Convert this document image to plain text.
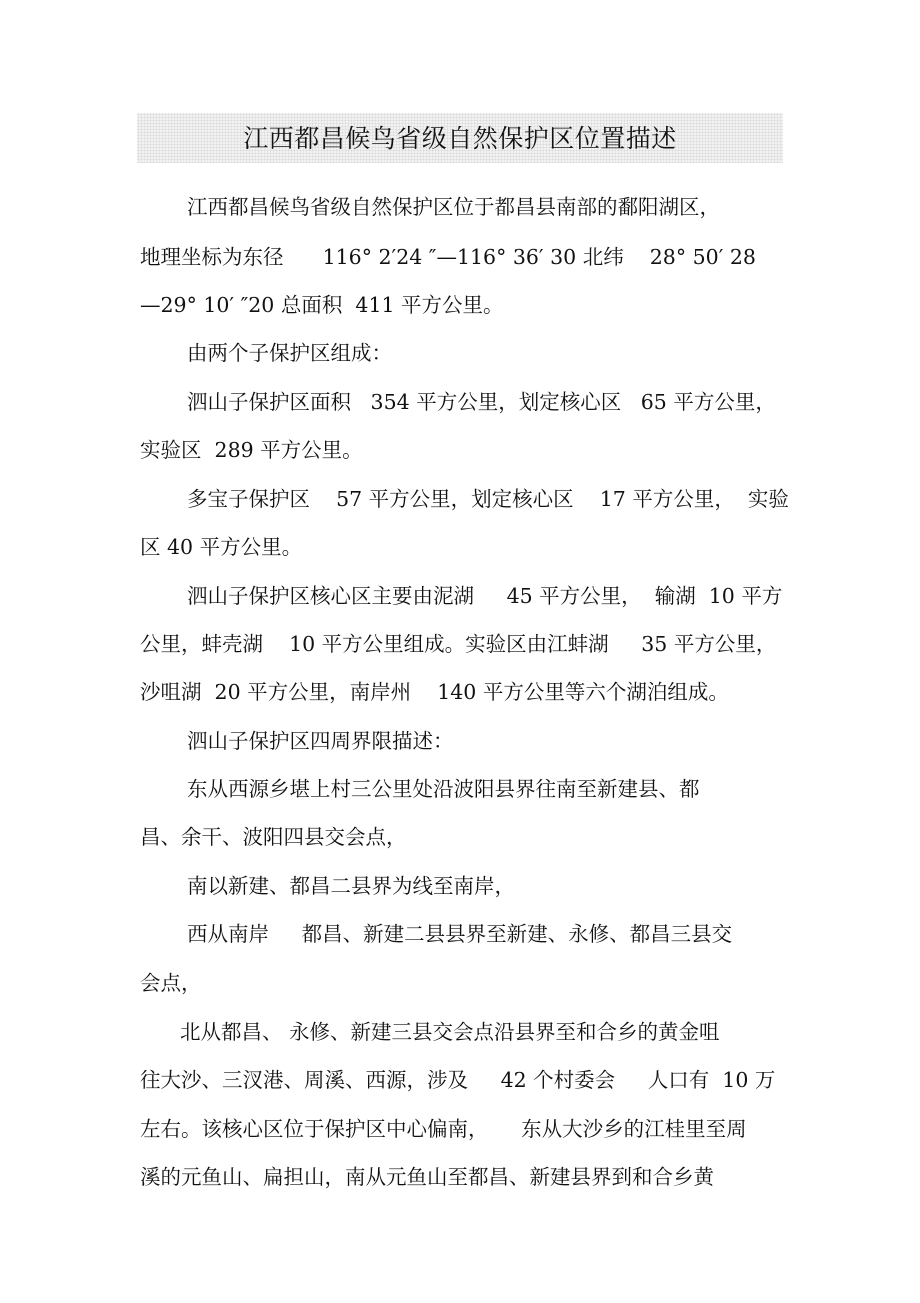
江西都昌候鸟省级自然保护区位置描述
江西都昌候鸟省级自然保护区位于都昌县南部的鄱阳湖区，
地理坐标为东径      116° 2′24 ″—116° 36′ 30 北纬    28° 50′ 28
—29° 10′ ″20 总面积  411 平方公里。
由两个子保护区组成：
泗山子保护区面积   354 平方公里，划定核心区   65 平方公里，
实验区  289 平方公里。
多宝子保护区    57 平方公里，划定核心区    17 平方公里，  实验
区 40 平方公里。
泗山子保护区核心区主要由泥湖     45 平方公里，  输湖  10 平方
公里，蚌壳湖    10 平方公里组成。实验区由江蚌湖     35 平方公里，
沙咀湖  20 平方公里，南岸州    140 平方公里等六个湖泊组成。
泗山子保护区四周界限描述：
东从西源乡堪上村三公里处沿波阳县界往南至新建县、都
昌、余干、波阳四县交会点，
南以新建、都昌二县界为线至南岸，
西从南岸     都昌、新建二县县界至新建、永修、都昌三县交
会点，
北从都昌、 永修、新建三县交会点沿县界至和合乡的黄金咀
往大沙、三汊港、周溪、西源，涉及     42 个村委会     人口有  10 万
左右。该核心区位于保护区中心偏南，     东从大沙乡的江桂里至周
溪的元鱼山、扁担山，南从元鱼山至都昌、新建县界到和合乡黄
